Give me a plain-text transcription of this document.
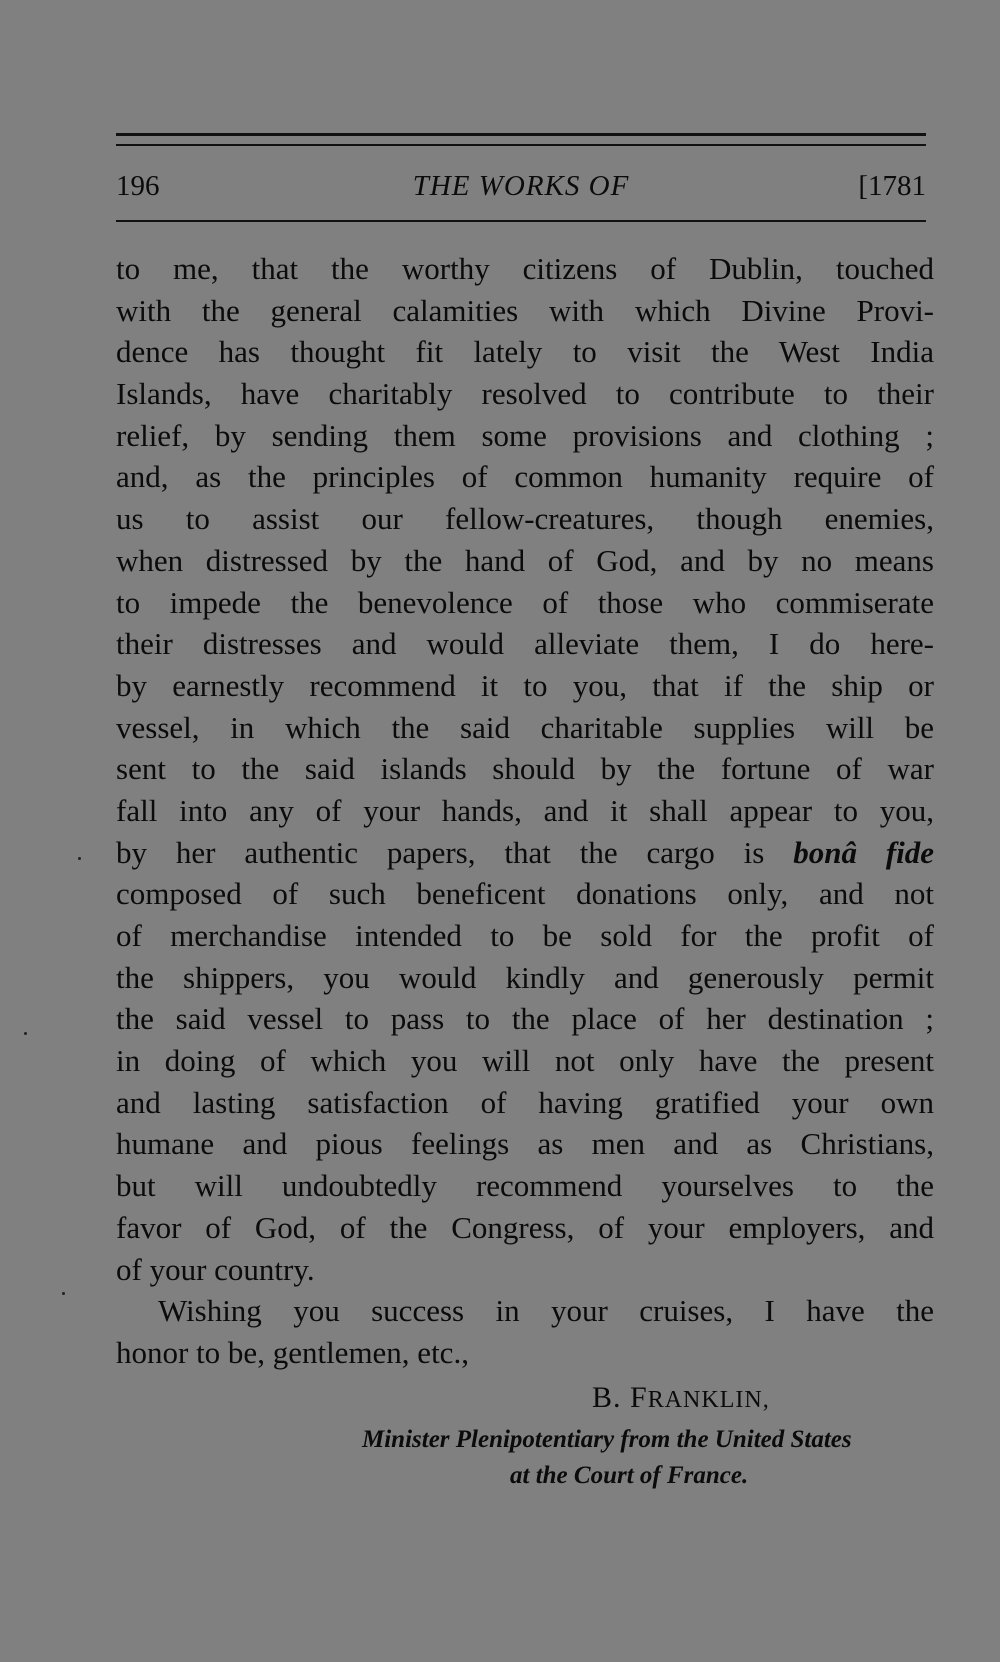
196	THE WORKS OF	[1781
to me, that the worthy citizens of Dublin, touched
with the general calamities with which Divine Provi-
dence has thought fit lately to visit the West India
Islands, have charitably resolved to contribute to their
relief, by sending them some provisions and clothing ;
and, as the principles of common humanity require of
us to assist our fellow-creatures, though enemies,
when distressed by the hand of God, and by no means
to impede the benevolence of those who commiserate
their distresses and would alleviate them, I do here-
by earnestly recommend it to you, that if the ship or
vessel, in which the said charitable supplies will be
sent to the said islands should by the fortune of war
fall into any of your hands, and it shall appear to you,
by her authentic papers, that the cargo is bonâ fide
composed of such beneficent donations only, and not
of merchandise intended to be sold for the profit of
the shippers, you would kindly and generously permit
the said vessel to pass to the place of her destination ;
in doing of which you will not only have the present
and lasting satisfaction of having gratified your own
humane and pious feelings as men and as Christians,
but will undoubtedly recommend yourselves to the
favor of God, of the Congress, of your employers, and
of your country.
Wishing you success in your cruises, I have the
honor to be, gentlemen, etc.,
B. FRANKLIN,
Minister Plenipotentiary from the United States
at the Court of France.
